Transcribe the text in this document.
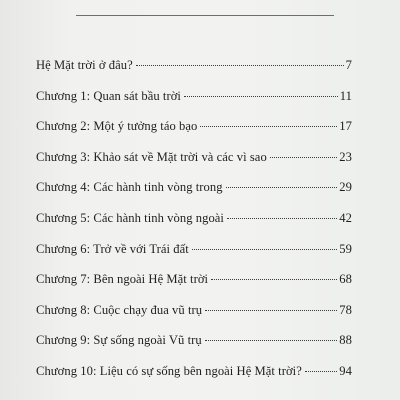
Hệ Mặt trời ở đâu?	7
Chương 1: Quan sát bầu trời	11
Chương 2: Một ý tưởng táo bạo	17
Chương 3: Khảo sát về Mặt trời và các vì sao	23
Chương 4: Các hành tinh vòng trong	29
Chương 5: Các hành tinh vòng ngoài	42
Chương 6: Trở về với Trái đất	59
Chương 7: Bên ngoài Hệ Mặt trời	68
Chương 8: Cuộc chạy đua vũ trụ	78
Chương 9: Sự sống ngoài Vũ trụ	88
Chương 10: Liệu có sự sống bên ngoài Hệ Mặt trời?	94
